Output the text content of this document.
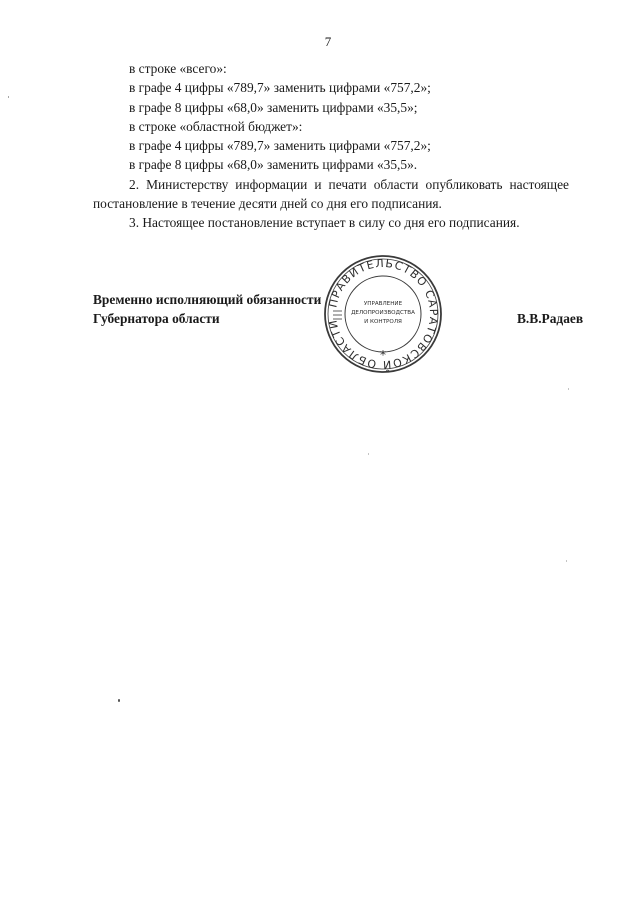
7
в строке «всего»:
в графе 4 цифры «789,7» заменить цифрами «757,2»;
в графе 8 цифры «68,0» заменить цифрами «35,5»;
в строке «областной бюджет»:
в графе 4 цифры «789,7» заменить цифрами «757,2»;
в графе 8 цифры «68,0» заменить цифрами «35,5».
2. Министерству информации и печати области опубликовать настоящее постановление в течение десяти дней со дня его подписания.
3. Настоящее постановление вступает в силу со дня его подписания.
Временно исполняющий обязанности
Губернатора области	В.В.Радаев
ПРАВИТЕЛЬСТВО САРАТОВСКОЙ ОБЛАСТИ
УПРАВЛЕНИЕ
ДЕЛОПРОИЗВОДСТВА
И КОНТРОЛЯ
*
